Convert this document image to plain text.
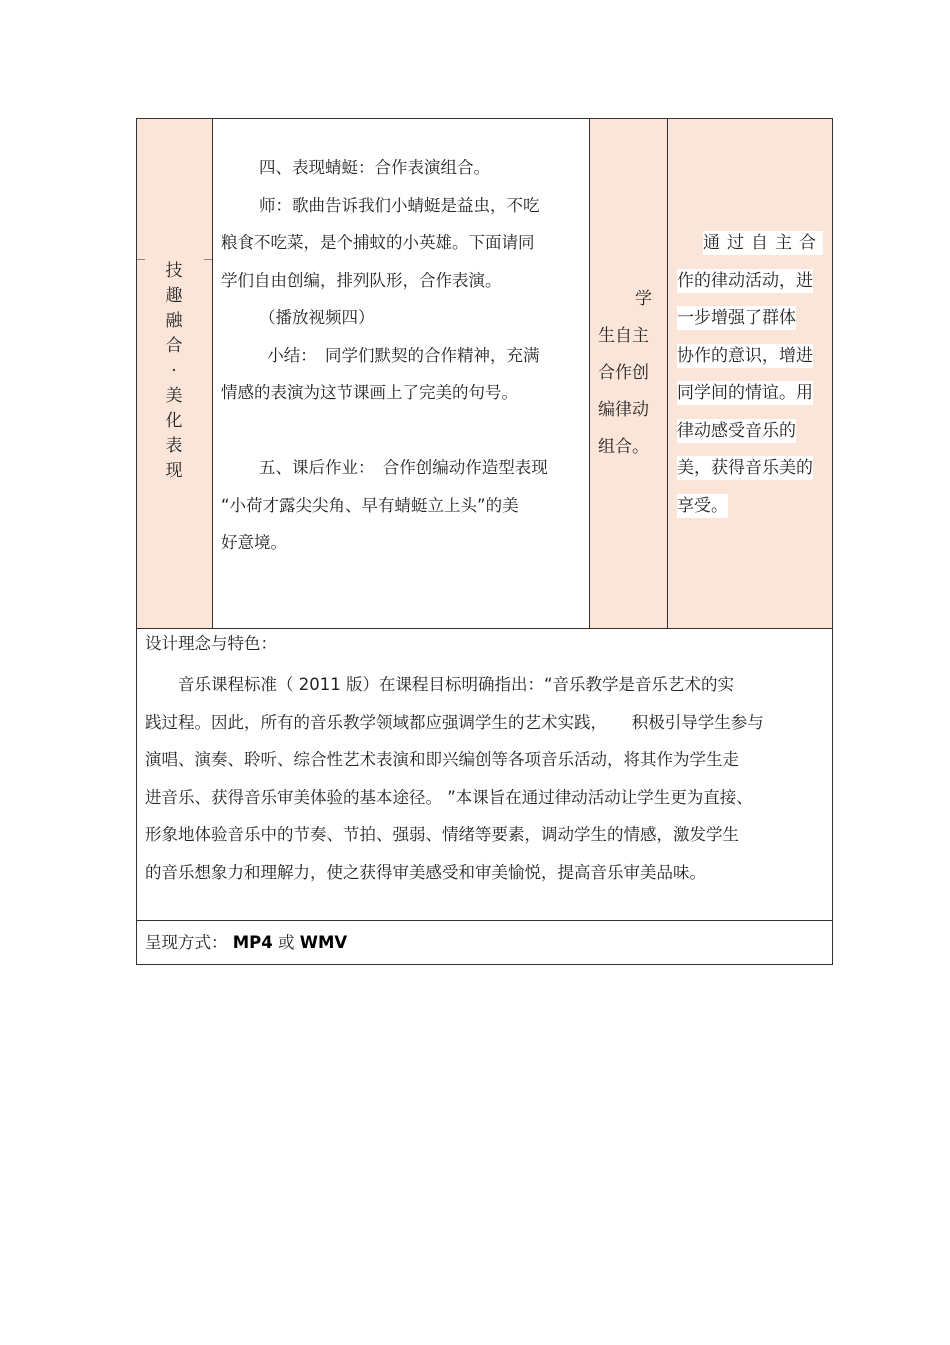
技
趣
融
合
·
美
化
表
现

四、表现蜻蜓：合作表演组合。

师：歌曲告诉我们小蜻蜓是益虫，不吃

粮食不吃菜，是个捕蚊的小英雄。下面请同

学们自由创编，排列队形，合作表演。

（播放视频四）

小结：　同学们默契的合作精神，充满

情感的表演为这节课画上了完美的句号。

五、课后作业：　合作创编动作造型表现

“小荷才露尖尖角、早有蜻蜓立上头”的美

好意境。

学
生自主
合作创
编律动
组合。
通过自主合
作的律动活动，进
一步增强了群体
协作的意识，增进
同学间的情谊。用
律动感受音乐的
美，获得音乐美的
享受。
设计理念与特色：
　　音乐课程标准（ 2011 版）在课程目标明确指出：“音乐教学是音乐艺术的实
践过程。因此，所有的音乐教学领域都应强调学生的艺术实践，　　积极引导学生参与
演唱、演奏、聆听、综合性艺术表演和即兴编创等各项音乐活动，将其作为学生走
进音乐、获得音乐审美体验的基本途径。 ”本课旨在通过律动活动让学生更为直接、
形象地体验音乐中的节奏、节拍、强弱、情绪等要素，调动学生的情感，激发学生
的音乐想象力和理解力，使之获得审美感受和审美愉悦，提高音乐审美品味。
呈现方式： MP4 或 WMV
